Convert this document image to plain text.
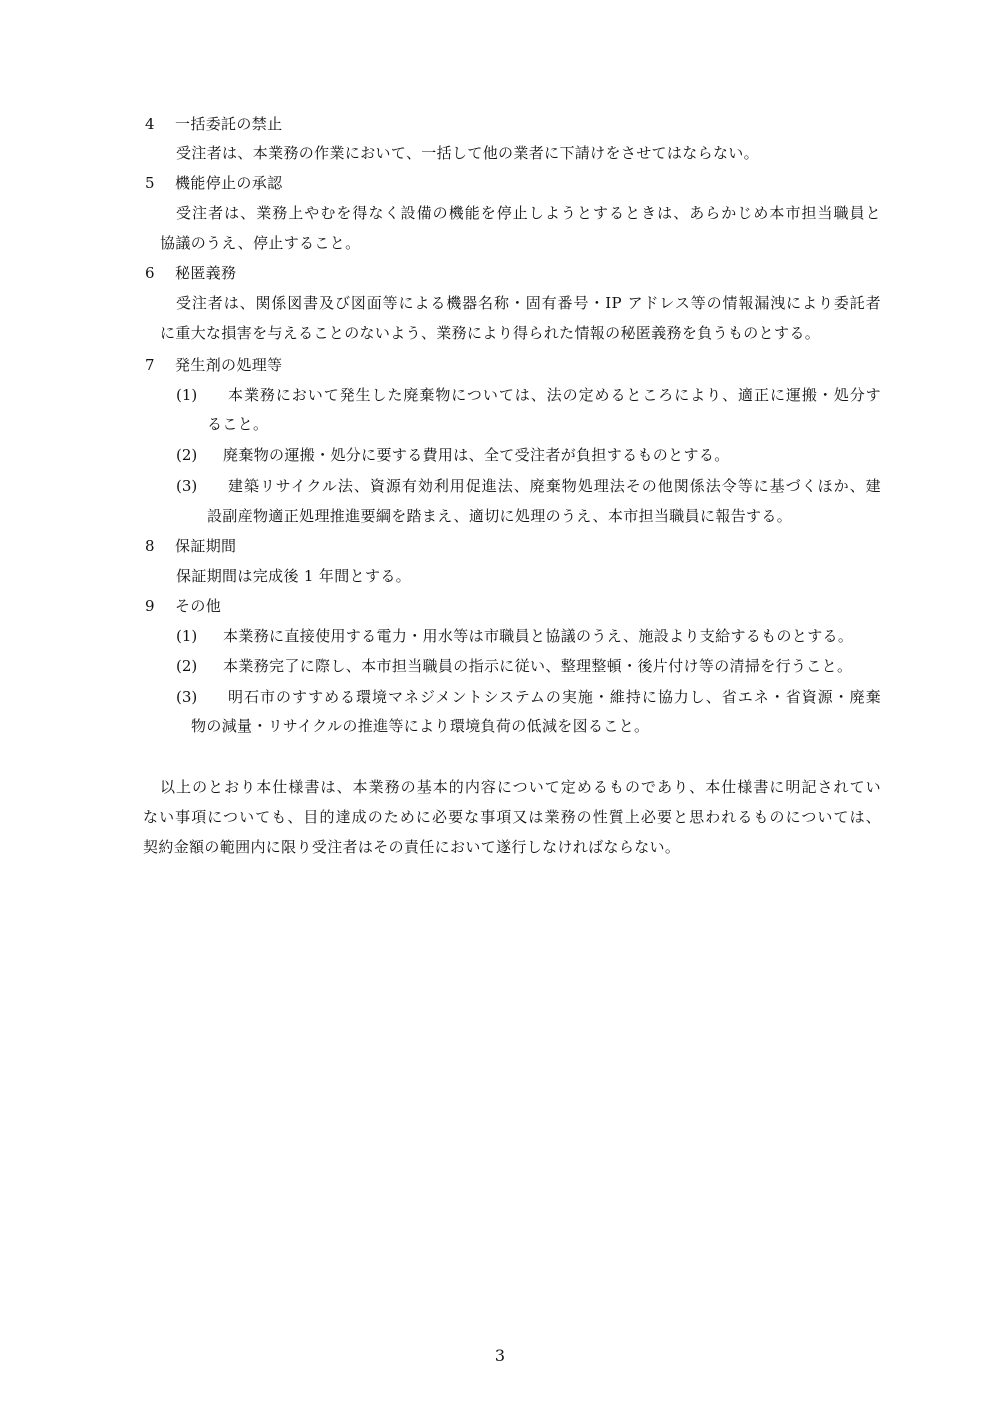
4 一括委託の禁止
受注者は、本業務の作業において、一括して他の業者に下請けをさせてはならない。
5 機能停止の承認
受注者は、業務上やむを得なく設備の機能を停止しようとするときは、あらかじめ本市担当職員と
協議のうえ、停止すること。
6 秘匿義務
受注者は、関係図書及び図面等による機器名称・固有番号・IP アドレス等の情報漏洩により委託者
に重大な損害を与えることのないよう、業務により得られた情報の秘匿義務を負うものとする。
7 発生剤の処理等
(1) 本業務において発生した廃棄物については、法の定めるところにより、適正に運搬・処分す
ること。
(2) 廃棄物の運搬・処分に要する費用は、全て受注者が負担するものとする。
(3) 建築リサイクル法、資源有効利用促進法、廃棄物処理法その他関係法令等に基づくほか、建
設副産物適正処理推進要綱を踏まえ、適切に処理のうえ、本市担当職員に報告する。
8 保証期間
保証期間は完成後 1 年間とする。
9 その他
(1) 本業務に直接使用する電力・用水等は市職員と協議のうえ、施設より支給するものとする。
(2) 本業務完了に際し、本市担当職員の指示に従い、整理整頓・後片付け等の清掃を行うこと。
(3) 明石市のすすめる環境マネジメントシステムの実施・維持に協力し、省エネ・省資源・廃棄
物の減量・リサイクルの推進等により環境負荷の低減を図ること。
以上のとおり本仕様書は、本業務の基本的内容について定めるものであり、本仕様書に明記されてい
ない事項についても、目的達成のために必要な事項又は業務の性質上必要と思われるものについては、
契約金額の範囲内に限り受注者はその責任において遂行しなければならない。
3
